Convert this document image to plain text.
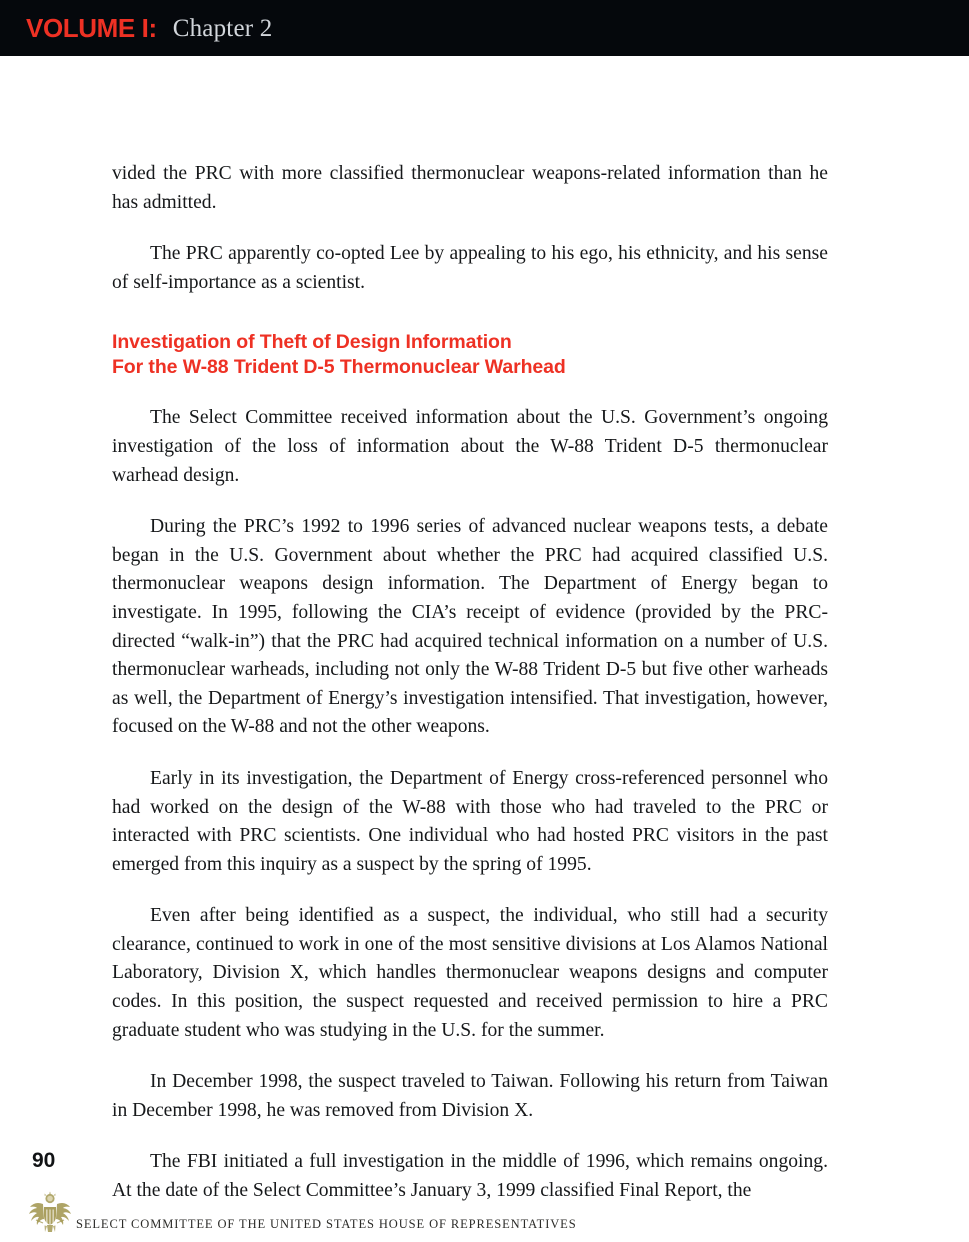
VOLUME I: Chapter 2

vided the PRC with more classified thermonuclear weapons-related information than he has admitted.

The PRC apparently co-opted Lee by appealing to his ego, his ethnicity, and his sense of self-importance as a scientist.

Investigation of Theft of Design Information
For the W-88 Trident D-5 Thermonuclear Warhead

The Select Committee received information about the U.S. Government’s ongoing investigation of the loss of information about the W-88 Trident D-5 thermonuclear warhead design.

During the PRC’s 1992 to 1996 series of advanced nuclear weapons tests, a debate began in the U.S. Government about whether the PRC had acquired classified U.S. thermonuclear weapons design information. The Department of Energy began to investigate. In 1995, following the CIA’s receipt of evidence (provided by the PRC-directed “walk-in”) that the PRC had acquired technical information on a number of U.S. thermonuclear warheads, including not only the W-88 Trident D-5 but five other warheads as well, the Department of Energy’s investigation intensified. That investigation, however, focused on the W-88 and not the other weapons.

Early in its investigation, the Department of Energy cross-referenced personnel who had worked on the design of the W-88 with those who had traveled to the PRC or interacted with PRC scientists. One individual who had hosted PRC visitors in the past emerged from this inquiry as a suspect by the spring of 1995.

Even after being identified as a suspect, the individual, who still had a security clearance, continued to work in one of the most sensitive divisions at Los Alamos National Laboratory, Division X, which handles thermonuclear weapons designs and computer codes. In this position, the suspect requested and received permission to hire a PRC graduate student who was studying in the U.S. for the summer.

In December 1998, the suspect traveled to Taiwan. Following his return from Taiwan in December 1998, he was removed from Division X.

The FBI initiated a full investigation in the middle of 1996, which remains ongoing. At the date of the Select Committee’s January 3, 1999 classified Final Report, the

90
SELECT COMMITTEE OF THE UNITED STATES HOUSE OF REPRESENTATIVES
